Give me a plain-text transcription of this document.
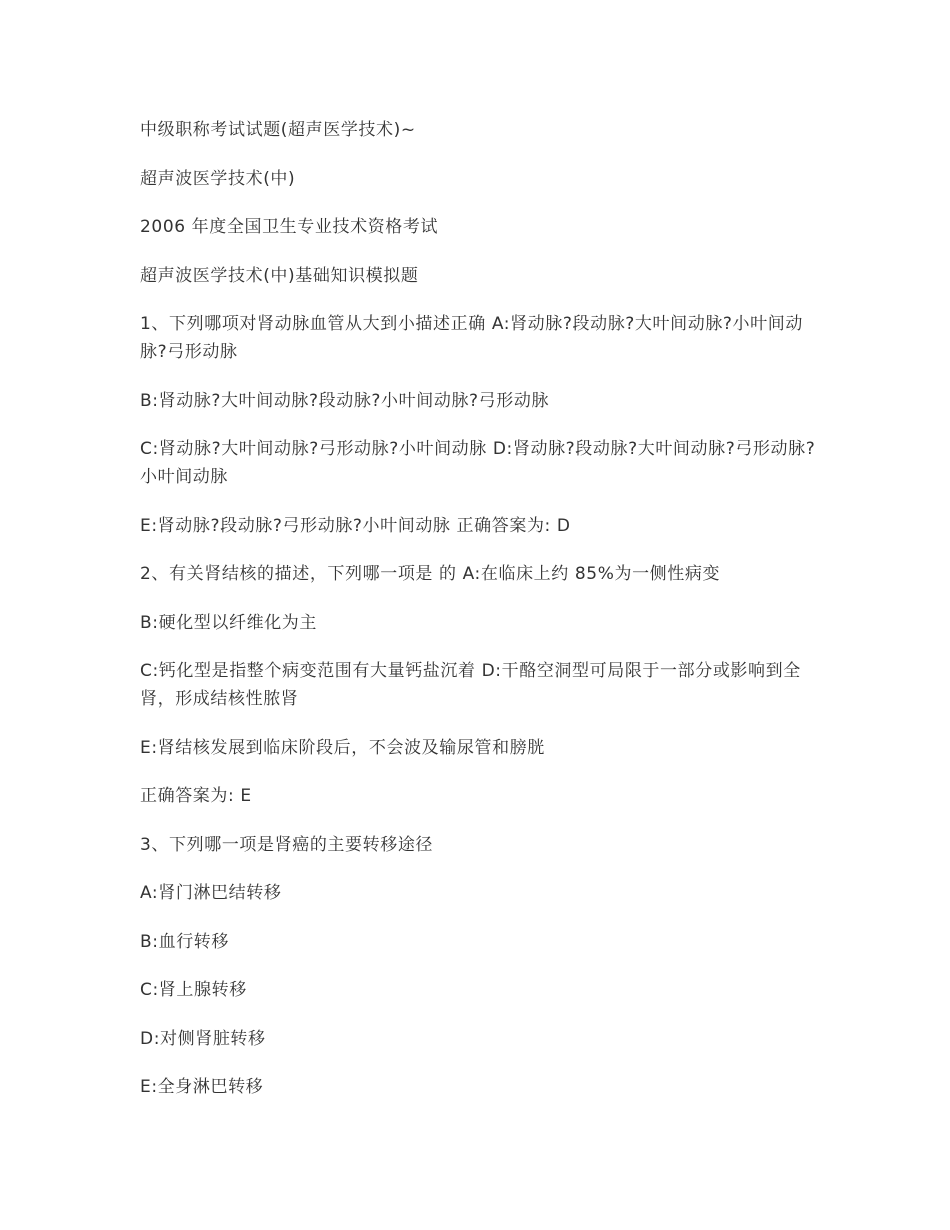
中级职称考试试题(超声医学技术)~

超声波医学技术(中)

2006 年度全国卫生专业技术资格考试

超声波医学技术(中)基础知识模拟题

1、下列哪项对肾动脉血管从大到小描述正确 A:肾动脉?段动脉?大叶间动脉?小叶间动脉?弓形动脉

B:肾动脉?大叶间动脉?段动脉?小叶间动脉?弓形动脉

C:肾动脉?大叶间动脉?弓形动脉?小叶间动脉 D:肾动脉?段动脉?大叶间动脉?弓形动脉?小叶间动脉

E:肾动脉?段动脉?弓形动脉?小叶间动脉 正确答案为: D

2、有关肾结核的描述，下列哪一项是 的 A:在临床上约 85%为一侧性病变

B:硬化型以纤维化为主

C:钙化型是指整个病变范围有大量钙盐沉着 D:干酪空洞型可局限于一部分或影响到全肾，形成结核性脓肾

E:肾结核发展到临床阶段后，不会波及输尿管和膀胱

正确答案为: E

3、下列哪一项是肾癌的主要转移途径

A:肾门淋巴结转移

B:血行转移

C:肾上腺转移

D:对侧肾脏转移

E:全身淋巴转移
